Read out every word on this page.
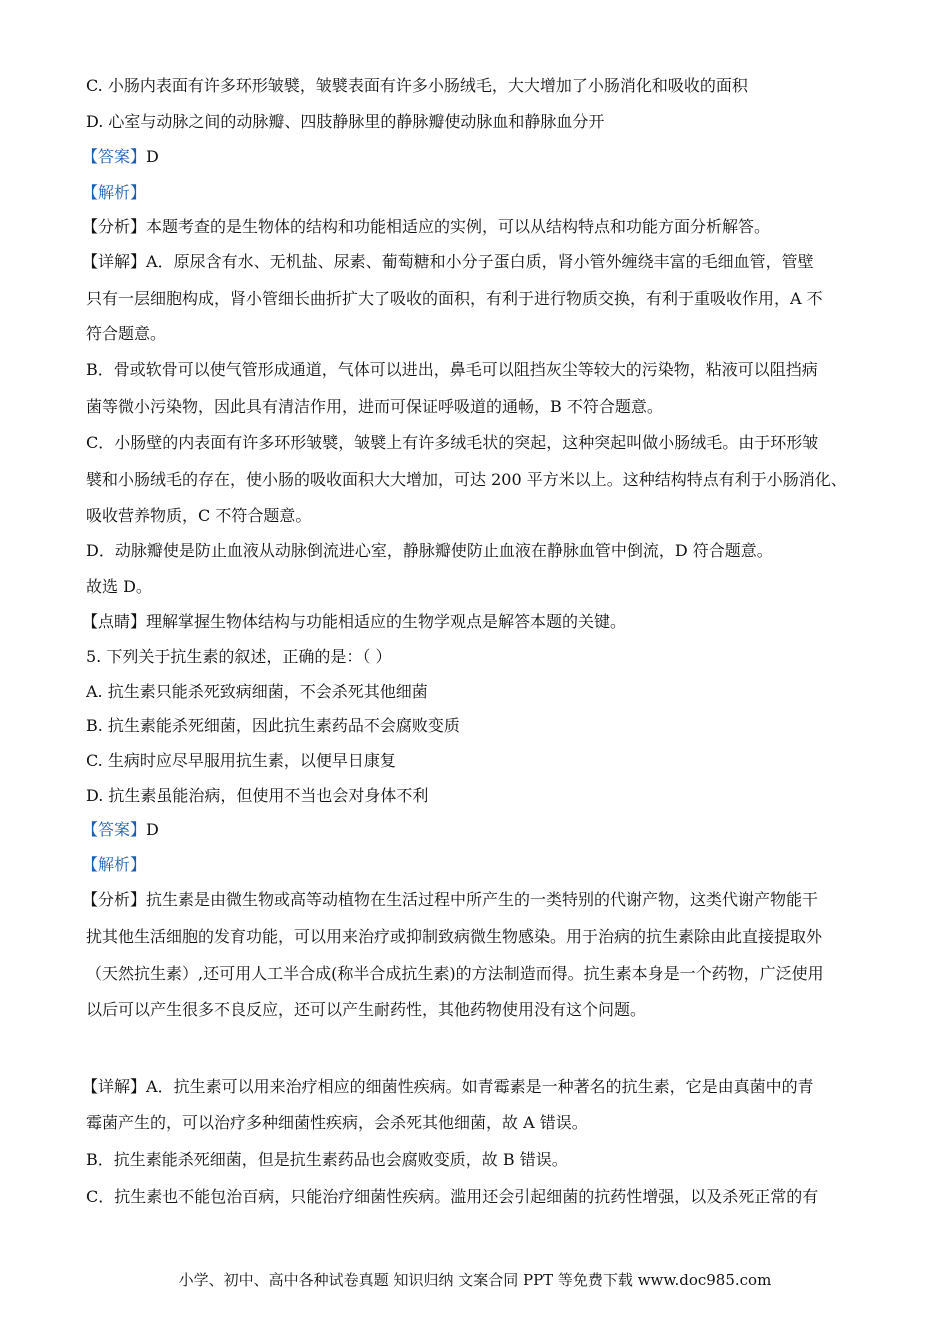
C. 小肠内表面有许多环形皱襞，皱襞表面有许多小肠绒毛，大大增加了小肠消化和吸收的面积
D. 心室与动脉之间的动脉瓣、四肢静脉里的静脉瓣使动脉血和静脉血分开
【答案】D
【解析】
【分析】本题考查的是生物体的结构和功能相适应的实例，可以从结构特点和功能方面分析解答。
【详解】A．原尿含有水、无机盐、尿素、葡萄糖和小分子蛋白质，肾小管外缠绕丰富的毛细血管，管壁
只有一层细胞构成，肾小管细长曲折扩大了吸收的面积，有利于进行物质交换，有利于重吸收作用，A 不
符合题意。
B．骨或软骨可以使气管形成通道，气体可以进出，鼻毛可以阻挡灰尘等较大的污染物，粘液可以阻挡病
菌等微小污染物，因此具有清洁作用，进而可保证呼吸道的通畅，B 不符合题意。
C．小肠壁的内表面有许多环形皱襞，皱襞上有许多绒毛状的突起，这种突起叫做小肠绒毛。由于环形皱
襞和小肠绒毛的存在，使小肠的吸收面积大大增加，可达 200 平方米以上。这种结构特点有利于小肠消化、
吸收营养物质，C 不符合题意。
D．动脉瓣使是防止血液从动脉倒流进心室，静脉瓣使防止血液在静脉血管中倒流，D 符合题意。
故选 D。
【点睛】理解掌握生物体结构与功能相适应的生物学观点是解答本题的关键。
5. 下列关于抗生素的叙述，正确的是：（ ）
A. 抗生素只能杀死致病细菌，不会杀死其他细菌
B. 抗生素能杀死细菌，因此抗生素药品不会腐败变质
C. 生病时应尽早服用抗生素，以便早日康复
D. 抗生素虽能治病，但使用不当也会对身体不利
【答案】D
【解析】
【分析】抗生素是由微生物或高等动植物在生活过程中所产生的一类特别的代谢产物，这类代谢产物能干
扰其他生活细胞的发育功能，可以用来治疗或抑制致病微生物感染。用于治病的抗生素除由此直接提取外
（天然抗生素）,还可用人工半合成(称半合成抗生素)的方法制造而得。抗生素本身是一个药物，广泛使用
以后可以产生很多不良反应，还可以产生耐药性，其他药物使用没有这个问题。
【详解】A．抗生素可以用来治疗相应的细菌性疾病。如青霉素是一种著名的抗生素，它是由真菌中的青
霉菌产生的，可以治疗多种细菌性疾病，会杀死其他细菌，故 A 错误。
B．抗生素能杀死细菌，但是抗生素药品也会腐败变质，故 B 错误。
C．抗生素也不能包治百病，只能治疗细菌性疾病。滥用还会引起细菌的抗药性增强，以及杀死正常的有
小学、初中、高中各种试卷真题 知识归纳 文案合同 PPT 等免费下载 www.doc985.com
